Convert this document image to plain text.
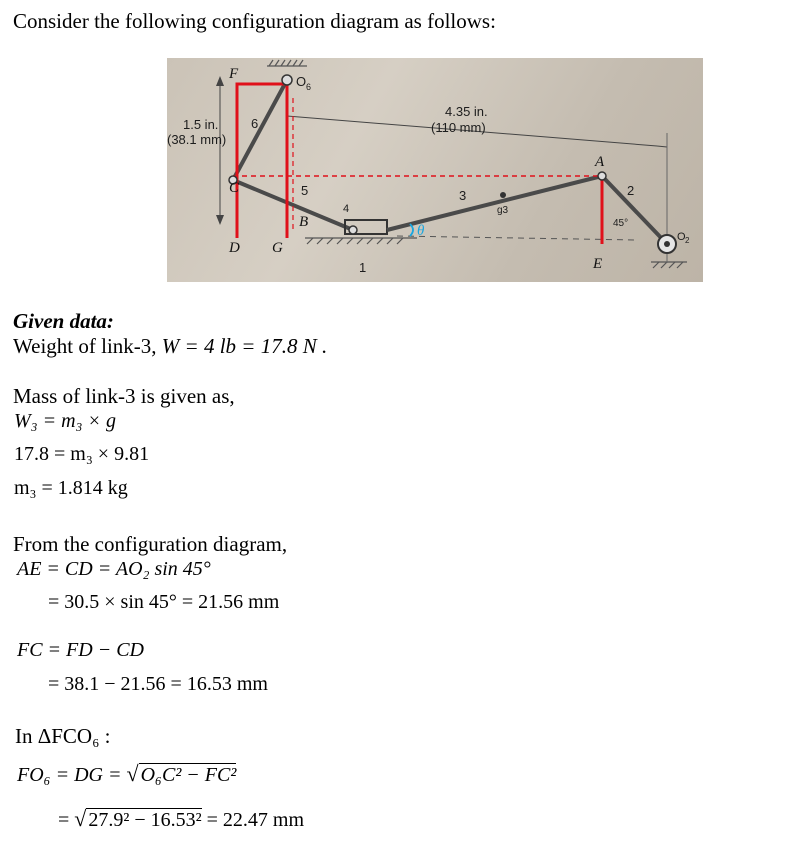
Consider the following configuration diagram as follows:
θ
F	O 6
6
1.5 in.
(38.1 mm)
4.35 in.
(110 mm)
A
C	5
4
3
g3
2
45°
B
O 2
D G
1	E
Given data:
Weight of link-3, W = 4 lb = 17.8 N .
Mass of link-3 is given as,
W₃ = m₃ × g
17.8 = m₃ × 9.81
m₃ = 1.814 kg
From the configuration diagram,
AE = CD = AO₂ sin 45°
= 30.5 × sin 45° = 21.56 mm
FC = FD − CD
= 38.1 − 21.56 = 16.53 mm
In ΔFCO₆ :
FO₆ = DG = √ O₆C² − FC²
= √ 27.9² − 16.53² = 22.47 mm
